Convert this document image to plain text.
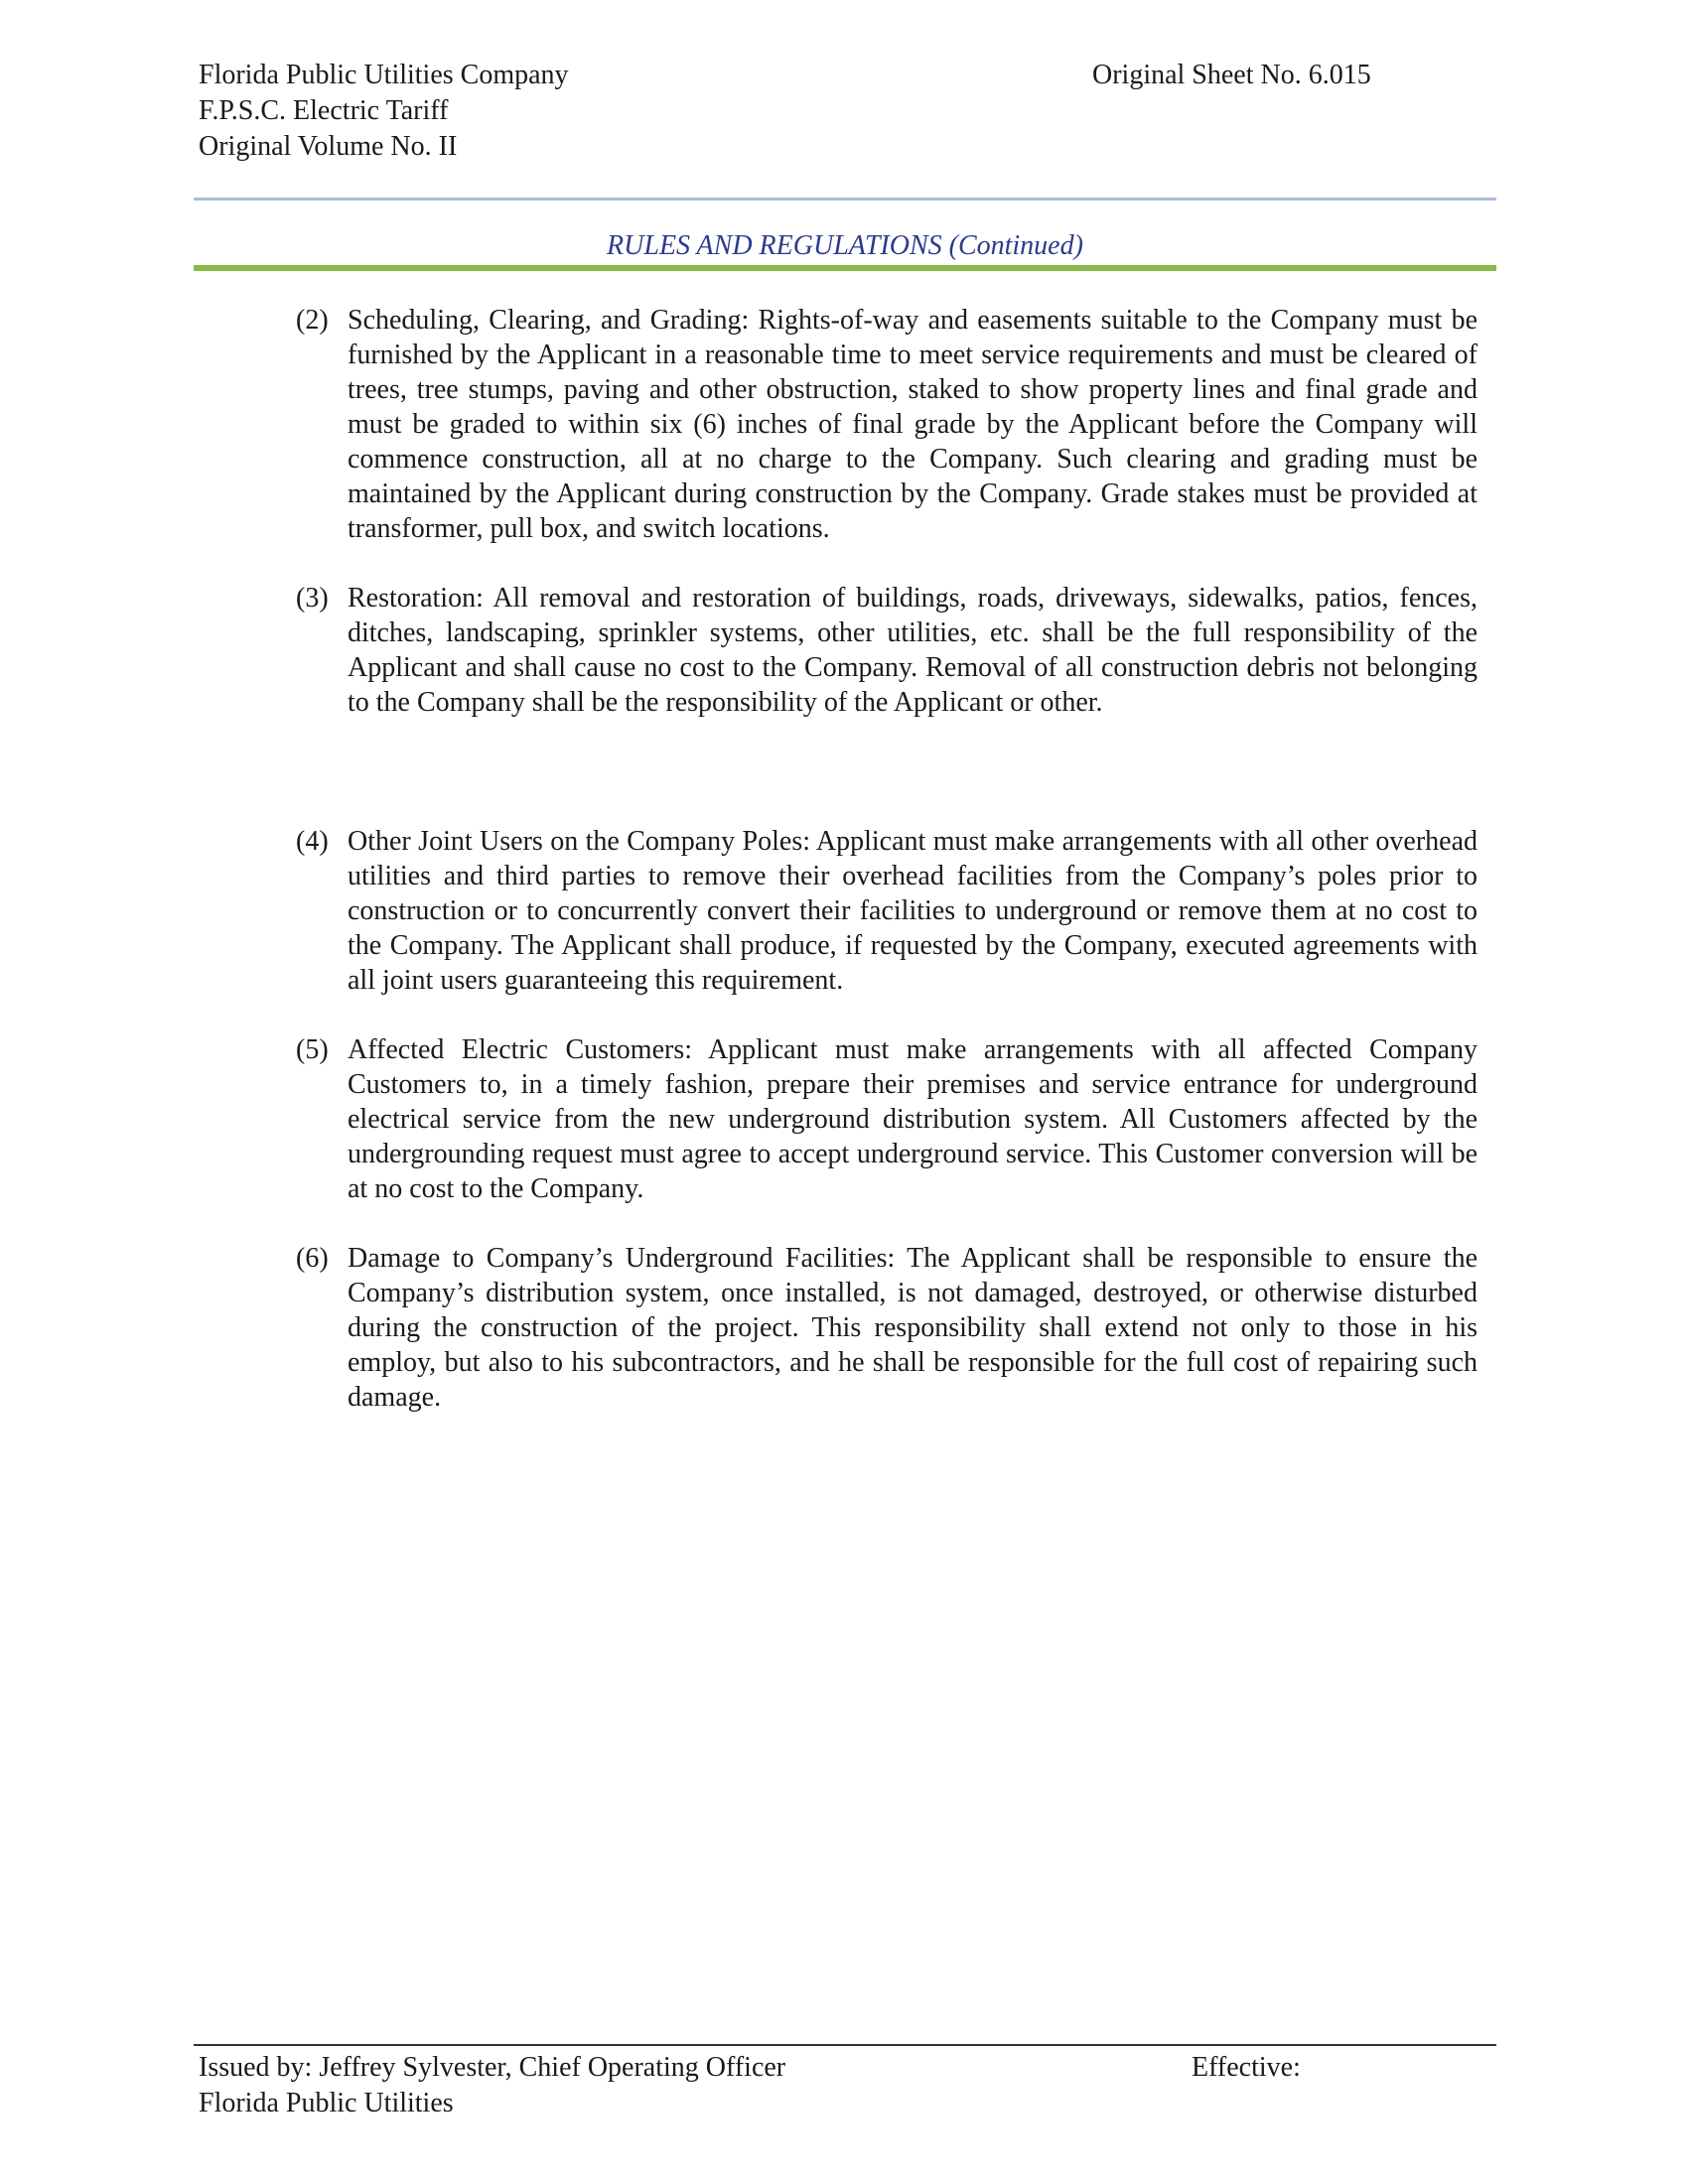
Florida Public Utilities Company
F.P.S.C. Electric Tariff
Original Volume No. II
Original Sheet No. 6.015
RULES AND REGULATIONS (Continued)
(2) Scheduling, Clearing, and Grading: Rights-of-way and easements suitable to the Company must be furnished by the Applicant in a reasonable time to meet service requirements and must be cleared of trees, tree stumps, paving and other obstruction, staked to show property lines and final grade and must be graded to within six (6) inches of final grade by the Applicant before the Company will commence construction, all at no charge to the Company. Such clearing and grading must be maintained by the Applicant during construction by the Company. Grade stakes must be provided at transformer, pull box, and switch locations.
(3) Restoration: All removal and restoration of buildings, roads, driveways, sidewalks, patios, fences, ditches, landscaping, sprinkler systems, other utilities, etc. shall be the full responsibility of the Applicant and shall cause no cost to the Company. Removal of all construction debris not belonging to the Company shall be the responsibility of the Applicant or other.
(4) Other Joint Users on the Company Poles: Applicant must make arrangements with all other overhead utilities and third parties to remove their overhead facilities from the Company’s poles prior to construction or to concurrently convert their facilities to underground or remove them at no cost to the Company. The Applicant shall produce, if requested by the Company, executed agreements with all joint users guaranteeing this requirement.
(5) Affected Electric Customers: Applicant must make arrangements with all affected Company Customers to, in a timely fashion, prepare their premises and service entrance for underground electrical service from the new underground distribution system. All Customers affected by the undergrounding request must agree to accept underground service. This Customer conversion will be at no cost to the Company.
(6) Damage to Company’s Underground Facilities: The Applicant shall be responsible to ensure the Company’s distribution system, once installed, is not damaged, destroyed, or otherwise disturbed during the construction of the project. This responsibility shall extend not only to those in his employ, but also to his subcontractors, and he shall be responsible for the full cost of repairing such damage.
Issued by: Jeffrey Sylvester, Chief Operating Officer
Florida Public Utilities
Effective:
